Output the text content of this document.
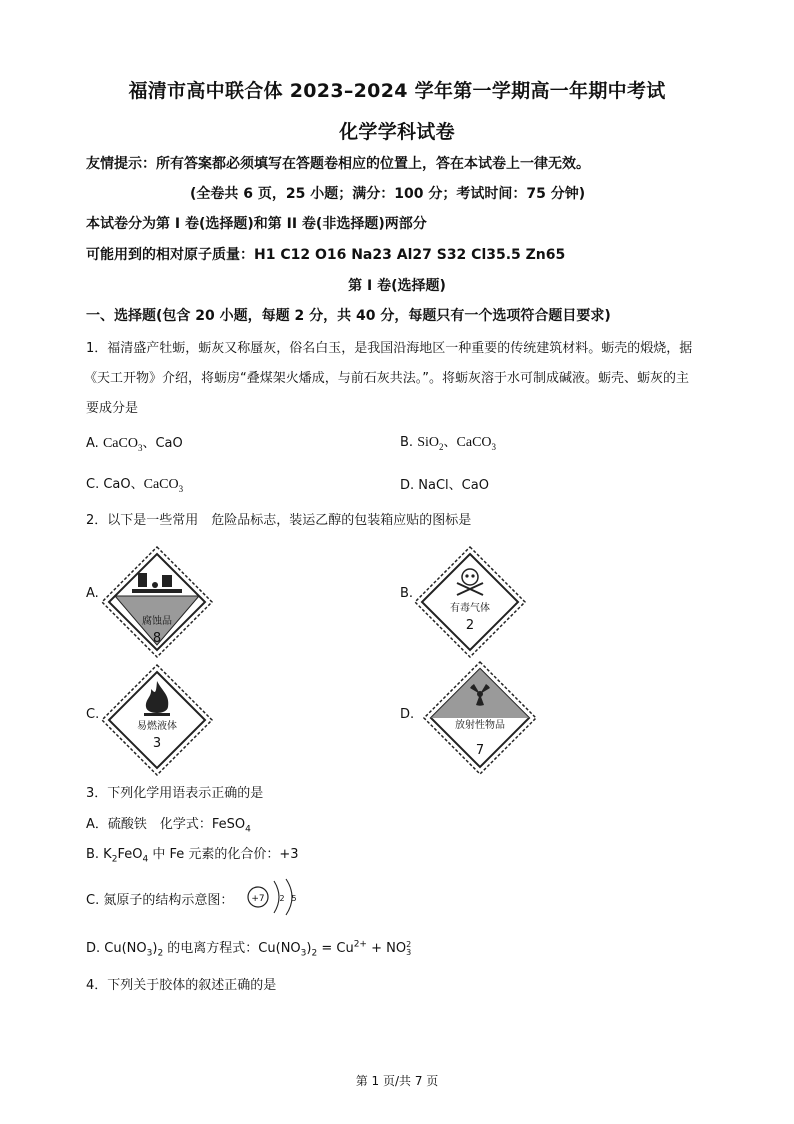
福清市高中联合体 2023–2024 学年第一学期高一年期中考试
化学学科试卷
友情提示：所有答案都必须填写在答题卷相应的位置上，答在本试卷上一律无效。
(全卷共 6 页，25 小题；满分：100 分；考试时间：75 分钟)
本试卷分为第 I 卷(选择题)和第 II 卷(非选择题)两部分
可能用到的相对原子质量：H1 C12 O16 Na23 Al27 S32 Cl35.5 Zn65
第 I 卷(选择题)
一、选择题(包含 20 小题，每题 2 分，共 40 分，每题只有一个选项符合题目要求)
1．福清盛产牡蛎，蛎灰又称蜃灰，俗名白玉，是我国沿海地区一种重要的传统建筑材料。蛎壳的煅烧，据
《天工开物》介绍，将蛎房“叠煤架火燔成，与前石灰共法。”。将蛎灰溶于水可制成碱液。蛎壳、蛎灰的主
要成分是
A. CaCO$_3$、CaO	B. SiO$_2$、CaCO$_3$
C. CaO、CaCO$_3$	D. NaCl、CaO
2．以下是一些常用　危险品标志，装运乙醇的包装箱应贴的图标是
A.
腐蚀品
8
B.
有毒气体
2
C.
易燃液体
3
D.
放射性物品
7
3．下列化学用语表示正确的是
A．硫酸铁　化学式：FeSO$_4$
B. $K_2FeO_4$ 中 Fe 元素的化合价：+3
C. 氮原子的结构示意图： +7 2 5
D. $Cu(NO_3)_2$ 的电离方程式：$Cu(NO_3)_2 = Cu^{2+}$ + NO 2
3
4．下列关于胶体的叙述正确的是
第 1 页/共 7 页
